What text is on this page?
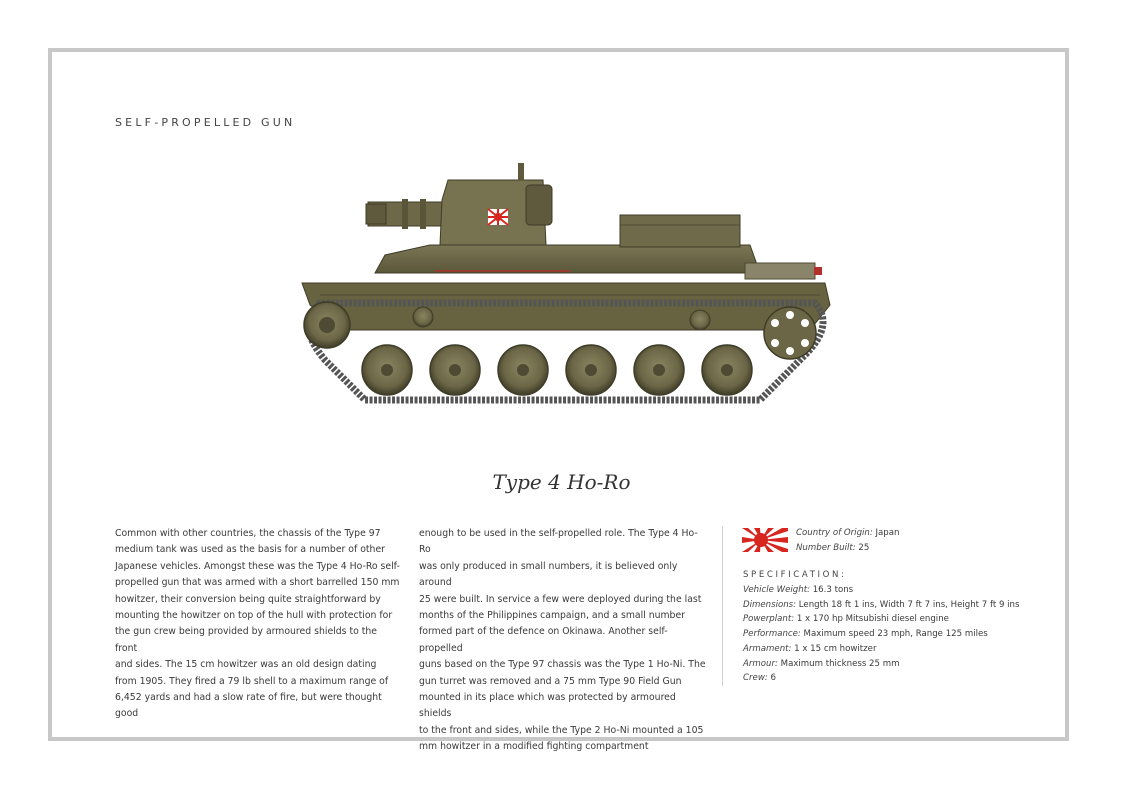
SELF-PROPELLED GUN
Type 4 Ho-Ro

Common with other countries, the chassis of the Type 97

medium tank was used as the basis for a number of other

Japanese vehicles. Amongst these was the Type 4 Ho-Ro self-

propelled gun that was armed with a short barrelled 150 mm

howitzer, their conversion being quite straightforward by

mounting the howitzer on top of the hull with protection for

the gun crew being provided by armoured shields to the front

and sides. The 15 cm howitzer was an old design dating

from 1905. They fired a 79 lb shell to a maximum range of

6,452 yards and had a slow rate of fire, but were thought good

enough to be used in the self-propelled role. The Type 4 Ho-Ro

was only produced in small numbers, it is believed only around

25 were built. In service a few were deployed during the last

months of the Philippines campaign, and a small number

formed part of the defence on Okinawa. Another self-propelled

guns based on the Type 97 chassis was the Type 1 Ho-Ni. The

gun turret was removed and a 75 mm Type 90 Field Gun

mounted in its place which was protected by armoured shields

to the front and sides, while the Type 2 Ho-Ni mounted a 105

mm howitzer in a modified fighting compartment

Country of Origin: Japan
Number Built: 25
SPECIFICATION:
Vehicle Weight: 16.3 tons
Dimensions: Length 18 ft 1 ins, Width 7 ft 7 ins, Height 7 ft 9 ins
Powerplant: 1 x 170 hp Mitsubishi diesel engine
Performance: Maximum speed 23 mph, Range 125 miles
Armament: 1 x 15 cm howitzer
Armour: Maximum thickness 25 mm
Crew: 6
